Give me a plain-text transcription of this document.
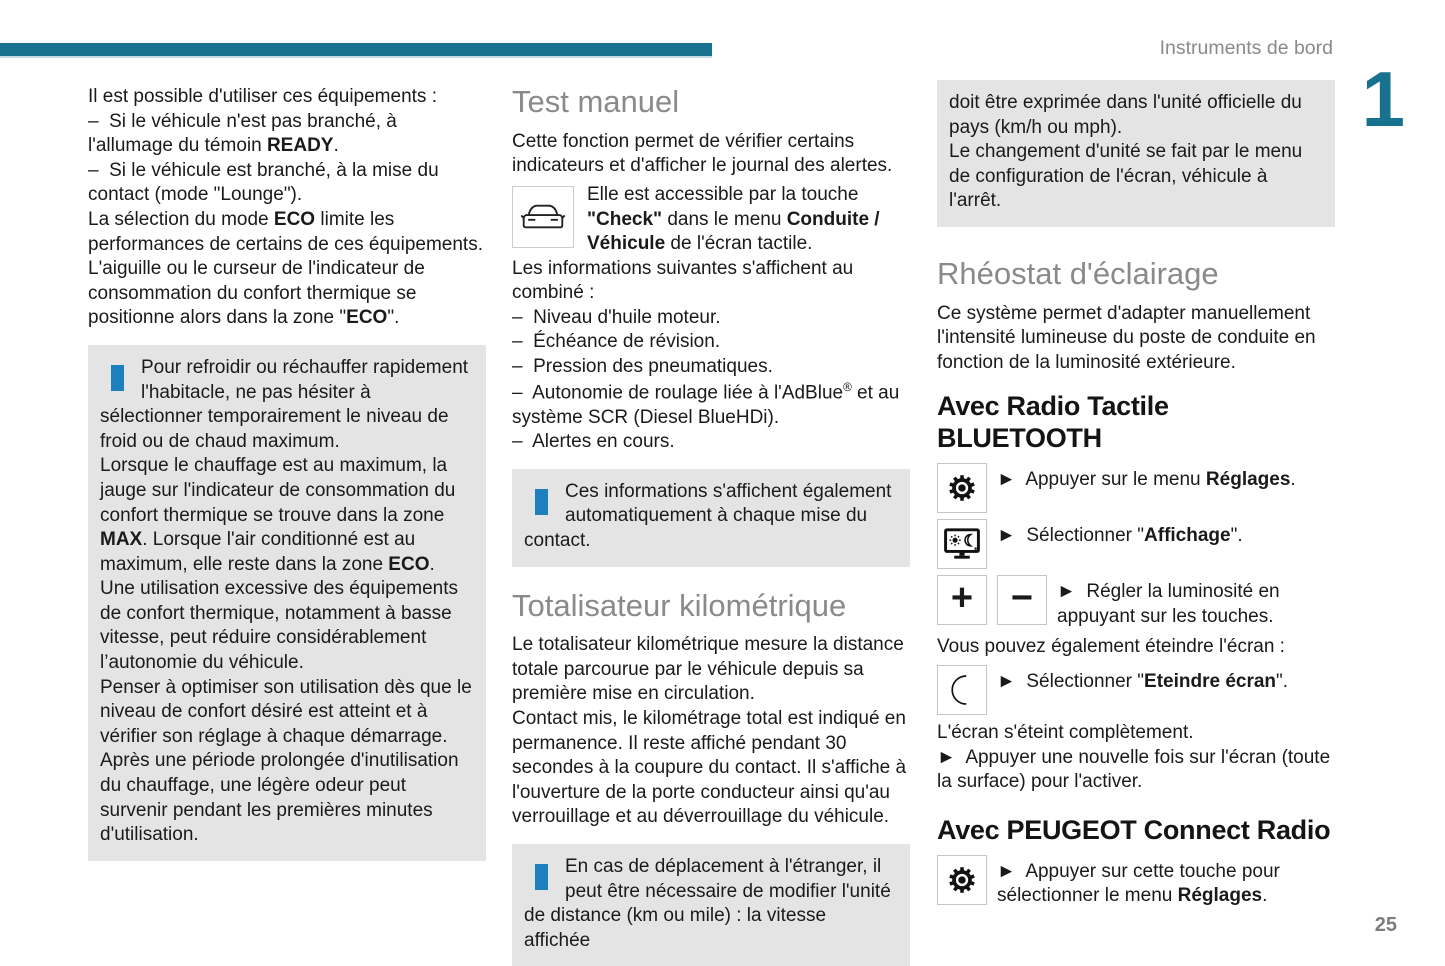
Instruments de bord
1

Il est possible d'utiliser ces équipements :

–  Si le véhicule n'est pas branché, à l'allumage du témoin READY.

–  Si le véhicule est branché, à la mise du contact (mode "Lounge").

La sélection du mode ECO limite les performances de certains de ces équipements.

L'aiguille ou le curseur de l'indicateur de consommation du confort thermique se positionne alors dans la zone "ECO".

Pour refroidir ou réchauffer rapidement l'habitacle, ne pas hésiter à sélectionner temporairement le niveau de froid ou de chaud maximum.

Lorsque le chauffage est au maximum, la jauge sur l'indicateur de consommation du confort thermique se trouve dans la zone MAX. Lorsque l'air conditionné est au maximum, elle reste dans la zone ECO.

Une utilisation excessive des équipements de confort thermique, notamment à basse vitesse, peut réduire considérablement l’autonomie du véhicule.

Penser à optimiser son utilisation dès que le niveau de confort désiré est atteint et à vérifier son réglage à chaque démarrage.

Après une période prolongée d'inutilisation du chauffage, une légère odeur peut survenir pendant les premières minutes d'utilisation.

Test manuel

Cette fonction permet de vérifier certains indicateurs et d'afficher le journal des alertes.

Elle est accessible par la touche "Check" dans le menu Conduite / Véhicule de l'écran tactile.

Les informations suivantes s'affichent au combiné :

–  Niveau d'huile moteur.

–  Échéance de révision.

–  Pression des pneumatiques.

–  Autonomie de roulage liée à l'AdBlue® et au système SCR (Diesel BlueHDi).

–  Alertes en cours.

Ces informations s'affichent également automatiquement à chaque mise du contact.

Totalisateur kilométrique

Le totalisateur kilométrique mesure la distance totale parcourue par le véhicule depuis sa première mise en circulation.

Contact mis, le kilométrage total est indiqué en permanence. Il reste affiché pendant 30 secondes à la coupure du contact. Il s'affiche à l'ouverture de la porte conducteur ainsi qu'au verrouillage et au déverrouillage du véhicule.

En cas de déplacement à l'étranger, il peut être nécessaire de modifier l'unité de distance (km ou mile) : la vitesse affichée

doit être exprimée dans l'unité officielle du pays (km/h ou mph).

Le changement d'unité se fait par le menu de configuration de l'écran, véhicule à l'arrêt.

Rhéostat d'éclairage

Ce système permet d'adapter manuellement l'intensité lumineuse du poste de conduite en fonction de la luminosité extérieure.

Avec Radio Tactile BLUETOOTH
►  Appuyer sur le menu Réglages.
►  Sélectionner "Affichage".
+ − ►  Régler la luminosité en appuyant sur les touches.

Vous pouvez également éteindre l'écran :

►  Sélectionner "Eteindre écran".

L'écran s'éteint complètement.

►  Appuyer une nouvelle fois sur l'écran (toute la surface) pour l'activer.

Avec PEUGEOT Connect Radio
►  Appuyer sur cette touche pour sélectionner le menu Réglages.
25
